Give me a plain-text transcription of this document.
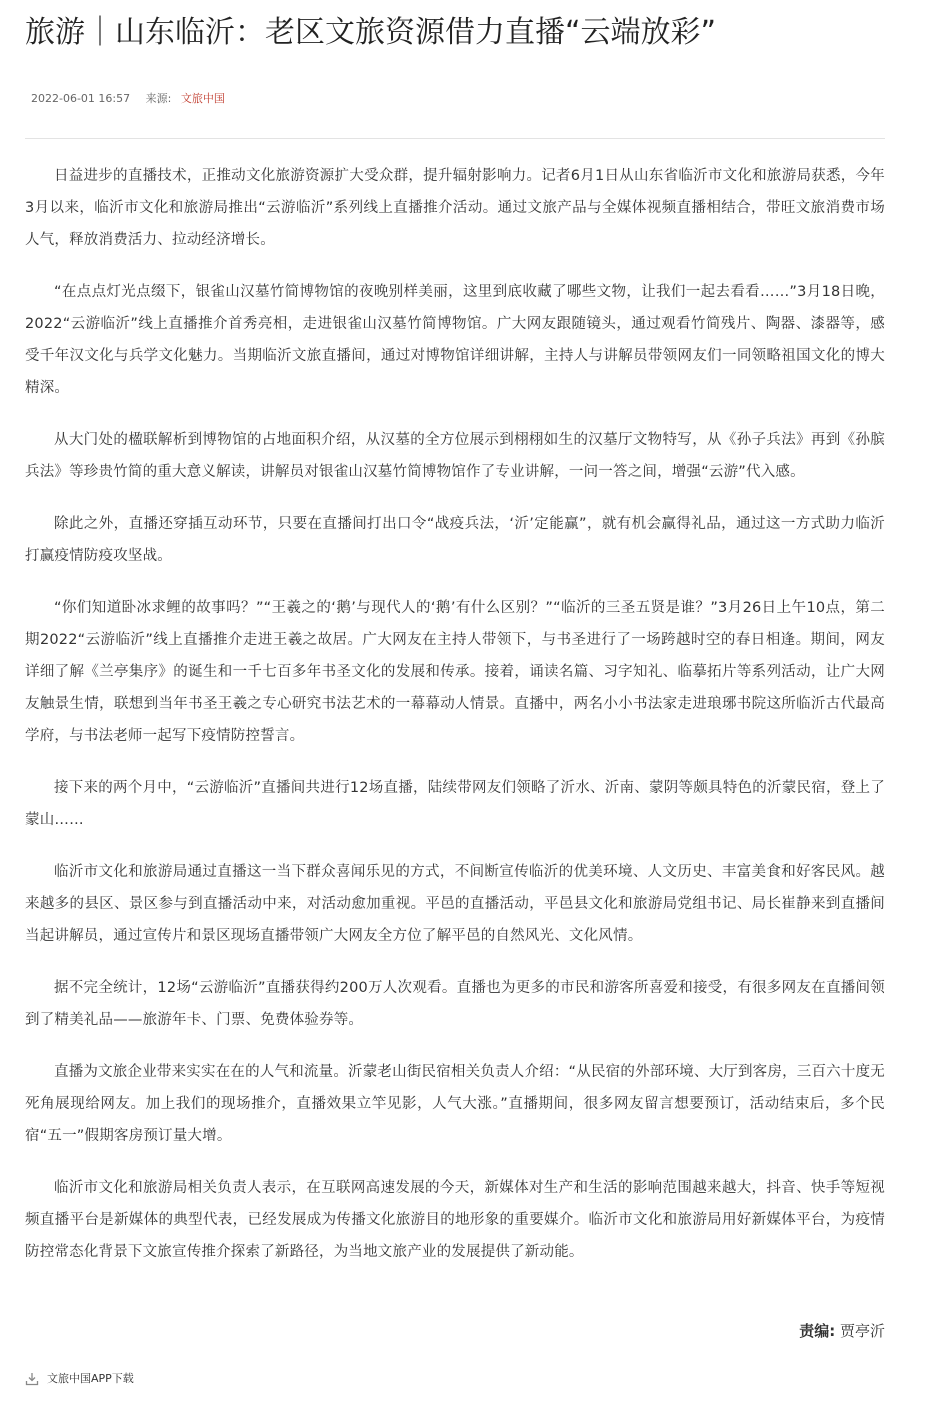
旅游｜山东临沂：老区文旅资源借力直播“云端放彩”
2022-06-01 16:57 来源: 文旅中国

日益进步的直播技术，正推动文化旅游资源扩大受众群，提升辐射影响力。记者6月1日从山东省临沂市文化和旅游局获悉，今年3月以来，临沂市文化和旅游局推出“云游临沂”系列线上直播推介活动。通过文旅产品与全媒体视频直播相结合，带旺文旅消费市场人气，释放消费活力、拉动经济增长。

“在点点灯光点缀下，银雀山汉墓竹简博物馆的夜晚别样美丽，这里到底收藏了哪些文物，让我们一起去看看……”3月18日晚，2022“云游临沂”线上直播推介首秀亮相，走进银雀山汉墓竹简博物馆。广大网友跟随镜头，通过观看竹简残片、陶器、漆器等，感受千年汉文化与兵学文化魅力。当期临沂文旅直播间，通过对博物馆详细讲解，主持人与讲解员带领网友们一同领略祖国文化的博大精深。

从大门处的楹联解析到博物馆的占地面积介绍，从汉墓的全方位展示到栩栩如生的汉墓厅文物特写，从《孙子兵法》再到《孙膑兵法》等珍贵竹简的重大意义解读，讲解员对银雀山汉墓竹简博物馆作了专业讲解，一问一答之间，增强“云游”代入感。

除此之外，直播还穿插互动环节，只要在直播间打出口令“战疫兵法，‘沂’定能赢”，就有机会赢得礼品，通过这一方式助力临沂打赢疫情防疫攻坚战。

“你们知道卧冰求鲤的故事吗？”“王羲之的‘鹅’与现代人的‘鹅’有什么区别？”“临沂的三圣五贤是谁？”3月26日上午10点，第二期2022“云游临沂”线上直播推介走进王羲之故居。广大网友在主持人带领下，与书圣进行了一场跨越时空的春日相逢。期间，网友详细了解《兰亭集序》的诞生和一千七百多年书圣文化的发展和传承。接着，诵读名篇、习字知礼、临摹拓片等系列活动，让广大网友触景生情，联想到当年书圣王羲之专心研究书法艺术的一幕幕动人情景。直播中，两名小小书法家走进琅琊书院这所临沂古代最高学府，与书法老师一起写下疫情防控誓言。

接下来的两个月中，“云游临沂”直播间共进行12场直播，陆续带网友们领略了沂水、沂南、蒙阴等颇具特色的沂蒙民宿，登上了蒙山……

临沂市文化和旅游局通过直播这一当下群众喜闻乐见的方式，不间断宣传临沂的优美环境、人文历史、丰富美食和好客民风。越来越多的县区、景区参与到直播活动中来，对活动愈加重视。平邑的直播活动，平邑县文化和旅游局党组书记、局长崔静来到直播间当起讲解员，通过宣传片和景区现场直播带领广大网友全方位了解平邑的自然风光、文化风情。

据不完全统计，12场“云游临沂”直播获得约200万人次观看。直播也为更多的市民和游客所喜爱和接受，有很多网友在直播间领到了精美礼品——旅游年卡、门票、免费体验券等。

直播为文旅企业带来实实在在的人气和流量。沂蒙老山街民宿相关负责人介绍：“从民宿的外部环境、大厅到客房，三百六十度无死角展现给网友。加上我们的现场推介，直播效果立竿见影，人气大涨。”直播期间，很多网友留言想要预订，活动结束后，多个民宿“五一”假期客房预订量大增。

临沂市文化和旅游局相关负责人表示，在互联网高速发展的今天，新媒体对生产和生活的影响范围越来越大，抖音、快手等短视频直播平台是新媒体的典型代表，已经发展成为传播文化旅游目的地形象的重要媒介。临沂市文化和旅游局用好新媒体平台，为疫情防控常态化背景下文旅宣传推介探索了新路径，为当地文旅产业的发展提供了新动能。

责编: 贾亭沂
文旅中国APP下载
